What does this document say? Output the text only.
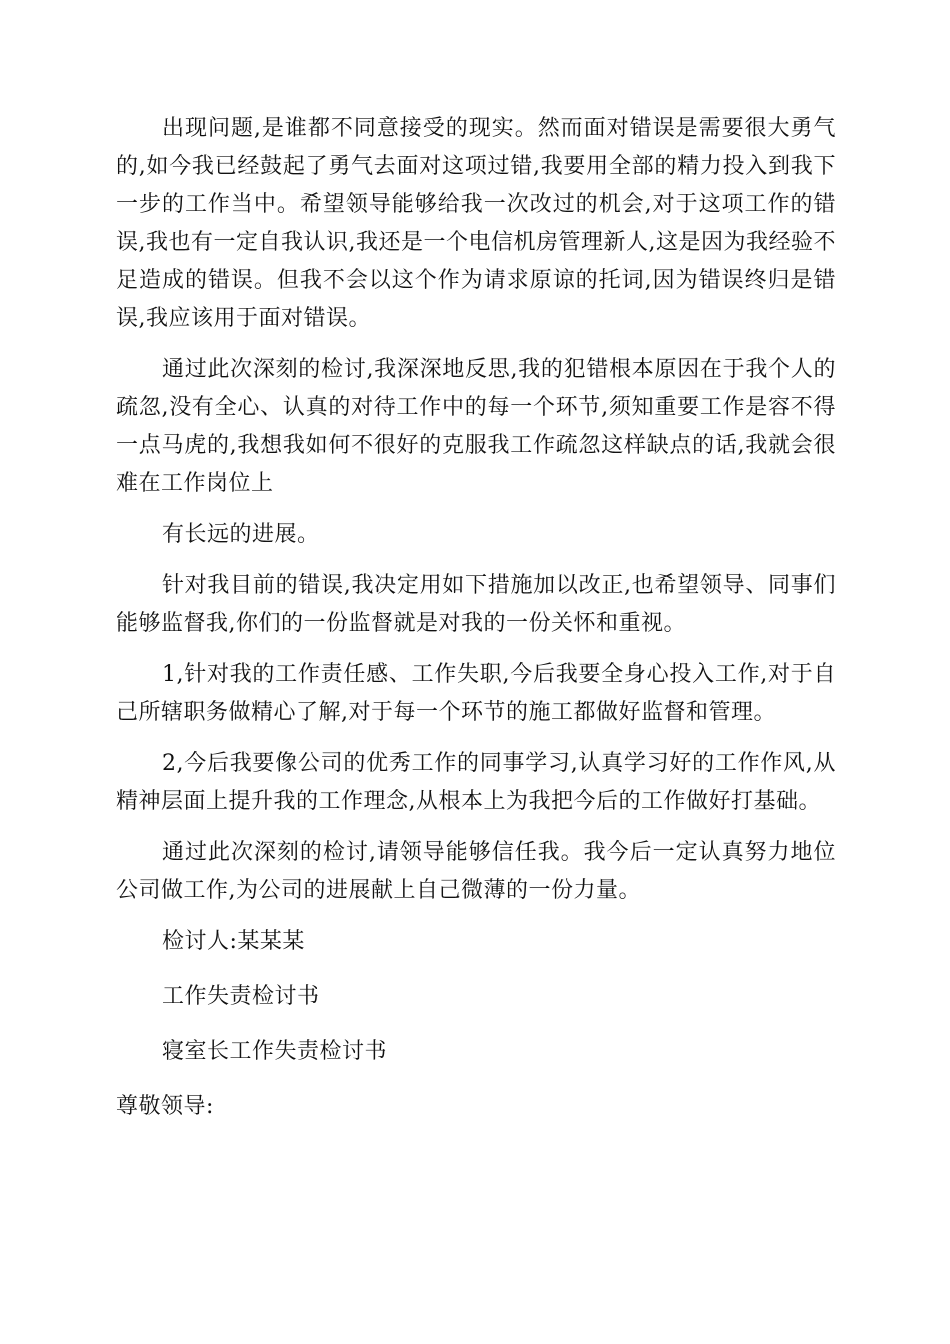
出现问题,是谁都不同意接受的现实。然而面对错误是需要很大勇气的,如今我已经鼓起了勇气去面对这项过错,我要用全部的精力投入到我下一步的工作当中。希望领导能够给我一次改过的机会,对于这项工作的错误,我也有一定自我认识,我还是一个电信机房管理新人,这是因为我经验不足造成的错误。但我不会以这个作为请求原谅的托词,因为错误终归是错误,我应该用于面对错误。

通过此次深刻的检讨,我深深地反思,我的犯错根本原因在于我个人的疏忽,没有全心、认真的对待工作中的每一个环节,须知重要工作是容不得一点马虎的,我想我如何不很好的克服我工作疏忽这样缺点的话,我就会很难在工作岗位上

有长远的进展。

针对我目前的错误,我决定用如下措施加以改正,也希望领导、同事们能够监督我,你们的一份监督就是对我的一份关怀和重视。

1,针对我的工作责任感、工作失职,今后我要全身心投入工作,对于自己所辖职务做精心了解,对于每一个环节的施工都做好监督和管理。

2,今后我要像公司的优秀工作的同事学习,认真学习好的工作作风,从精神层面上提升我的工作理念,从根本上为我把今后的工作做好打基础。

通过此次深刻的检讨,请领导能够信任我。我今后一定认真努力地位公司做工作,为公司的进展献上自己微薄的一份力量。

检讨人:某某某

工作失责检讨书

寝室长工作失责检讨书

尊敬领导:
